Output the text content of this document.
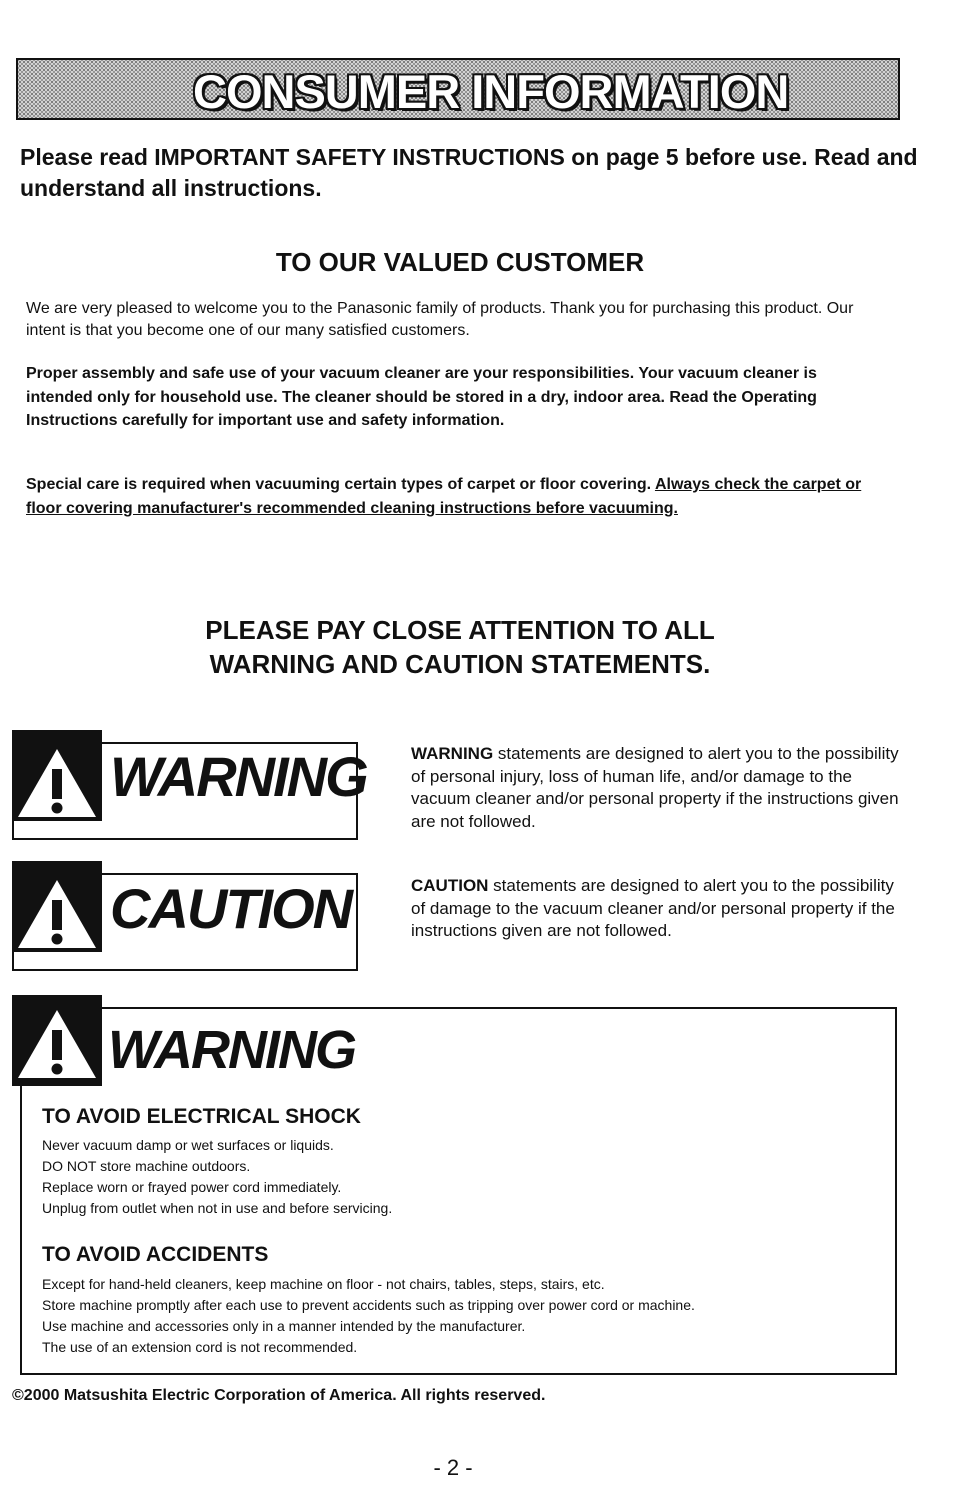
CONSUMER INFORMATION

Please read IMPORTANT SAFETY INSTRUCTIONS on page 5 before use. Read and understand all instructions.

TO OUR VALUED CUSTOMER

We are very pleased to welcome you to the Panasonic family of products. Thank you for purchasing this product. Our intent is that you become one of our many satisfied customers.

Proper assembly and safe use of your vacuum cleaner are your responsibilities. Your vacuum cleaner is intended only for household use. The cleaner should be stored in a dry, indoor area. Read the Operating Instructions carefully for important use and safety information.

Special care is required when vacuuming certain types of carpet or floor covering. Always check the carpet or floor covering manufacturer's recommended cleaning instructions before vacuuming.

PLEASE PAY CLOSE ATTENTION TO ALL
WARNING AND CAUTION STATEMENTS.
WARNING	WARNING statements are designed to alert you to the possibility of personal injury, loss of human life, and/or damage to the vacuum cleaner and/or personal property if the instructions given are not followed.

CAUTION	CAUTION statements are designed to alert you to the possibility of damage to the vacuum cleaner and/or personal property if the instructions given are not followed.

WARNING
TO AVOID ELECTRICAL SHOCK
Never vacuum damp or wet surfaces or liquids.
DO NOT store machine outdoors.
Replace worn or frayed power cord immediately.
Unplug from outlet when not in use and before servicing.
TO AVOID ACCIDENTS
Except for hand-held cleaners, keep machine on floor - not chairs, tables, steps, stairs, etc.
Store machine promptly after each use to prevent accidents such as tripping over power cord or machine.
Use machine and accessories only in a manner intended by the manufacturer.
The use of an extension cord is not recommended.

©2000 Matsushita Electric Corporation of America. All rights reserved.

- 2 -
